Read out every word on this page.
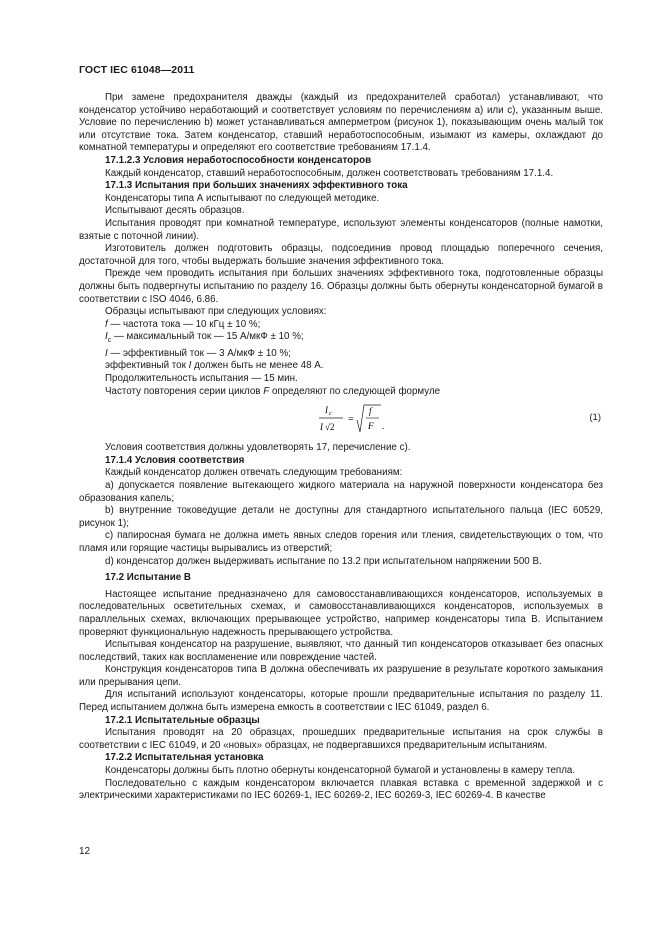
ГОСТ IEC 61048—2011

При замене предохранителя дважды (каждый из предохранителей сработал) устанавливают, что конденсатор устойчиво неработающий и соответствует условиям по перечислениям а) или с), указанным выше. Условие по перечислению b) может устанавливаться амперметром (рисунок 1), показывающим очень малый ток или отсутствие тока. Затем конденсатор, ставший неработоспособным, изымают из камеры, охлаждают до комнатной температуры и определяют его соответствие требованиям 17.1.4.

17.1.2.3 Условия неработоспособности конденсаторов

Каждый конденсатор, ставший неработоспособным, должен соответствовать требованиям 17.1.4.

17.1.3 Испытания при больших значениях эффективного тока

Конденсаторы типа А испытывают по следующей методике.

Испытывают десять образцов.

Испытания проводят при комнатной температуре, используют элементы конденсаторов (полные намотки, взятые с поточной линии).

Изготовитель должен подготовить образцы, подсоединив провод площадью поперечного сечения, достаточной для того, чтобы выдержать большие значения эффективного тока.

Прежде чем проводить испытания при больших значениях эффективного тока, подготовленные образцы должны быть подвергнуты испытанию по разделу 16. Образцы должны быть обернуты конденсаторной бумагой в соответствии с ISO 4046, 6.86.

Образцы испытывают при следующих условиях:

f — частота тока — 10 кГц ± 10 %;

$I_c$ — максимальный ток — 15 А/мкФ ± 10 %;

I — эффективный ток — 3 А/мкФ ± 10 %;

эффективный ток I должен быть не менее 48 А.

Продолжительность испытания — 15 мин.

Частоту повторения серии циклов F определяют по следующей формуле

I c
I √2
=
f
F .
(1)

Условия соответствия должны удовлетворять 17, перечисление c).

17.1.4 Условия соответствия

Каждый конденсатор должен отвечать следующим требованиям:

а) допускается появление вытекающего жидкого материала на наружной поверхности конденсатора без образования капель;

b) внутренние токоведущие детали не доступны для стандартного испытательного пальца (IEC 60529, рисунок 1);

c) папиросная бумага не должна иметь явных следов горения или тления, свидетельствующих о том, что пламя или горящие частицы вырывались из отверстий;

d) конденсатор должен выдерживать испытание по 13.2 при испытательном напряжении 500 В.

17.2 Испытание В

Настоящее испытание предназначено для самовосстанавливающихся конденсаторов, используемых в последовательных осветительных схемах, и самовосстанавливающихся конденсаторов, используемых в параллельных схемах, включающих прерывающее устройство, например конденсаторы типа В. Испытанием проверяют функциональную надежность прерывающего устройства.

Испытывая конденсатор на разрушение, выявляют, что данный тип конденсаторов отказывает без опасных последствий, таких как воспламенение или повреждение частей.

Конструкция конденсаторов типа В должна обеспечивать их разрушение в результате короткого замыкания или прерывания цепи.

Для испытаний используют конденсаторы, которые прошли предварительные испытания по разделу 11. Перед испытанием должна быть измерена емкость в соответствии с IEC 61049, раздел 6.

17.2.1 Испытательные образцы

Испытания проводят на 20 образцах, прошедших предварительные испытания на срок службы в соответствии с IEC 61049, и 20 «новых» образцах, не подвергавшихся предварительным испытаниям.

17.2.2 Испытательная установка

Конденсаторы должны быть плотно обернуты конденсаторной бумагой и установлены в камеру тепла.

Последовательно с каждым конденсатором включается плавкая вставка с временной задержкой и с электрическими характеристиками по IEC 60269-1, IEC 60269-2, IEC 60269-3, IEC 60269-4. В качестве

12
